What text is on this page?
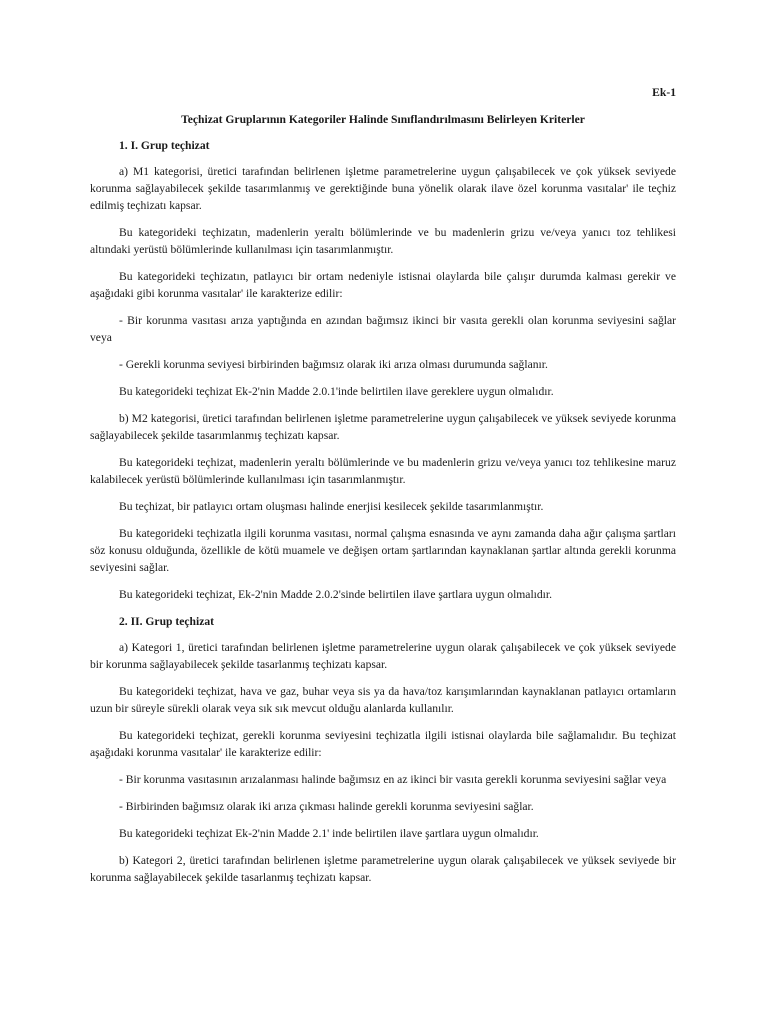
Ek-1

Teçhizat Gruplarının Kategoriler Halinde Sınıflandırılmasını Belirleyen Kriterler

1. I. Grup teçhizat

a) M1 kategorisi, üretici tarafından belirlenen işletme parametrelerine uygun çalışabilecek ve çok yüksek seviyede korunma sağlayabilecek şekilde tasarımlanmış ve gerektiğinde buna yönelik olarak ilave özel korunma vasıtalar' ile teçhiz edilmiş teçhizatı kapsar.

Bu kategorideki teçhizatın, madenlerin yeraltı bölümlerinde ve bu madenlerin grizu ve/veya yanıcı toz tehlikesi altındaki yerüstü bölümlerinde kullanılması için tasarımlanmıştır.

Bu kategorideki teçhizatın, patlayıcı bir ortam nedeniyle istisnai olaylarda bile çalışır durumda kalması gerekir ve aşağıdaki gibi korunma vasıtalar' ile karakterize edilir:

- Bir korunma vasıtası arıza yaptığında en azından bağımsız ikinci bir vasıta gerekli olan korunma seviyesini sağlar veya

- Gerekli korunma seviyesi birbirinden bağımsız olarak iki arıza olması durumunda sağlanır.

Bu kategorideki teçhizat Ek-2'nin Madde 2.0.1'inde belirtilen ilave gereklere uygun olmalıdır.

b) M2 kategorisi, üretici tarafından belirlenen işletme parametrelerine uygun çalışabilecek ve yüksek seviyede korunma sağlayabilecek şekilde tasarımlanmış teçhizatı kapsar.

Bu kategorideki teçhizat, madenlerin yeraltı bölümlerinde ve bu madenlerin grizu ve/veya yanıcı toz tehlikesine maruz kalabilecek yerüstü bölümlerinde kullanılması için tasarımlanmıştır.

Bu teçhizat, bir patlayıcı ortam oluşması halinde enerjisi kesilecek şekilde tasarımlanmıştır.

Bu kategorideki teçhizatla ilgili korunma vasıtası, normal çalışma esnasında ve aynı zamanda daha ağır çalışma şartları söz konusu olduğunda, özellikle de kötü muamele ve değişen ortam şartlarından kaynaklanan şartlar altında gerekli korunma seviyesini sağlar.

Bu kategorideki teçhizat, Ek-2'nin Madde 2.0.2'sinde belirtilen ilave şartlara uygun olmalıdır.

2. II. Grup teçhizat

a) Kategori 1, üretici tarafından belirlenen işletme parametrelerine uygun olarak çalışabilecek ve çok yüksek seviyede bir korunma sağlayabilecek şekilde tasarlanmış teçhizatı kapsar.

Bu kategorideki teçhizat, hava ve gaz, buhar veya sis ya da hava/toz karışımlarından kaynaklanan patlayıcı ortamların uzun bir süreyle sürekli olarak veya sık sık mevcut olduğu alanlarda kullanılır.

Bu kategorideki teçhizat, gerekli korunma seviyesini teçhizatla ilgili istisnai olaylarda bile sağlamalıdır. Bu teçhizat aşağıdaki korunma vasıtalar' ile karakterize edilir:

- Bir korunma vasıtasının arızalanması halinde bağımsız en az ikinci bir vasıta gerekli korunma seviyesini sağlar veya

- Birbirinden bağımsız olarak iki arıza çıkması halinde gerekli korunma seviyesini sağlar.

Bu kategorideki teçhizat Ek-2'nin Madde 2.1' inde belirtilen ilave şartlara uygun olmalıdır.

b) Kategori 2, üretici tarafından belirlenen işletme parametrelerine uygun olarak çalışabilecek ve yüksek seviyede bir korunma sağlayabilecek şekilde tasarlanmış teçhizatı kapsar.
